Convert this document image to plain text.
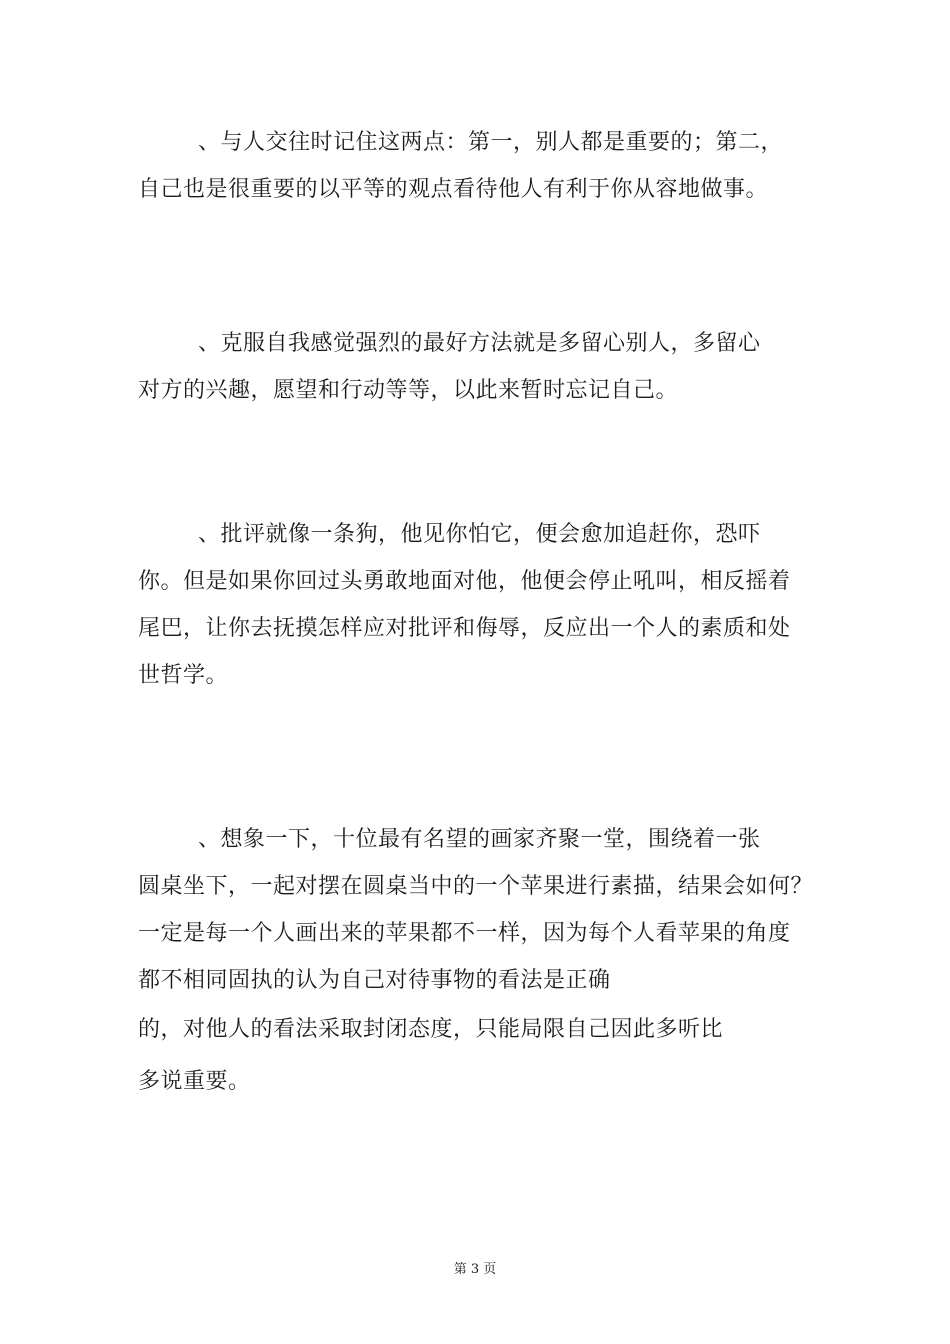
、与人交往时记住这两点：第一，别人都是重要的；第二，
自己也是很重要的以平等的观点看待他人有利于你从容地做事。
、克服自我感觉强烈的最好方法就是多留心别人，多留心
对方的兴趣，愿望和行动等等，以此来暂时忘记自己。
、批评就像一条狗，他见你怕它，便会愈加追赶你，恐吓
你。但是如果你回过头勇敢地面对他，他便会停止吼叫，相反摇着
尾巴，让你去抚摸怎样应对批评和侮辱，反应出一个人的素质和处
世哲学。
、想象一下，十位最有名望的画家齐聚一堂，围绕着一张
圆桌坐下，一起对摆在圆桌当中的一个苹果进行素描，结果会如何？
一定是每一个人画出来的苹果都不一样，因为每个人看苹果的角度
都不相同固执的认为自己对待事物的看法是正确
的，对他人的看法采取封闭态度，只能局限自己因此多听比
多说重要。
第 3 页
